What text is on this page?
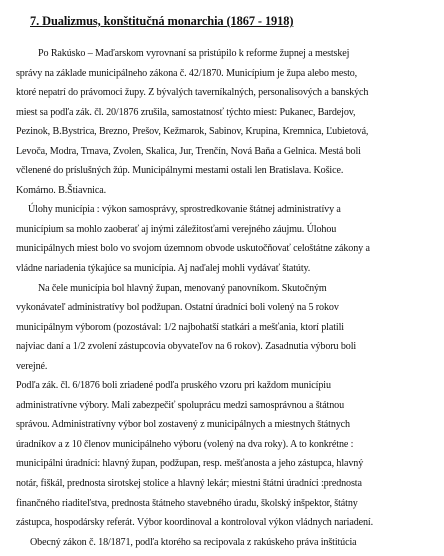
7. Dualizmus, konštitučná monarchia (1867 - 1918)
Po Rakúsko – Maďarskom vyrovnaní sa pristúpilo k reforme župnej a mestskej
správy na základe municipálneho zákona č. 42/1870. Municípium je župa alebo mesto,
ktoré nepatrí do právomoci župy. Z bývalých taverníkalných, personalisových a banských
miest sa podľa zák. čl. 20/1876 zrušila, samostatnosť týchto miest: Pukanec, Bardejov,
Pezinok, B.Bystrica, Brezno, Prešov, Kežmarok, Sabinov, Krupina, Kremnica, Ľubietová,
Levoča, Modra, Trnava, Zvolen, Skalica, Jur, Trenčín, Nová Baňa a Gelnica. Mestá boli
včlenené do príslušných žúp. Municipálnymi mestami ostali len Bratislava. Košice.
Komárno. B.Štiavnica.
Úlohy municípia : výkon samosprávy, sprostredkovanie štátnej administratívy a
municípium sa mohlo zaoberať aj inými záležitosťami verejného záujmu. Úlohou
municipálnych miest bolo vo svojom územnom obvode uskutočňovať celoštátne zákony a
vládne nariadenia týkajúce sa municípia. Aj naďalej mohli vydávať štatúty.
Na čele municípia bol hlavný župan, menovaný panovníkom. Skutočným
vykonávateľ administratívy bol podžupan. Ostatní úradníci boli volený na 5 rokov
municipálnym výborom (pozostával: 1/2 najbohatší statkári a mešťania, ktorí platili
najviac daní a 1/2 zvolení zástupcovia obyvateľov na 6 rokov). Zasadnutia výboru boli
verejné.
Podľa zák. čl. 6/1876 boli zriadené podľa pruského vzoru pri každom municípiu
administratívne výbory. Mali zabezpečiť spoluprácu medzi samosprávnou a štátnou
správou. Administratívny výbor bol zostavený z municipálnych a miestnych štátnych
úradníkov a z 10 členov municipálneho výboru (volený na dva roky). A to konkrétne :
municipálni úradníci: hlavný župan, podžupan, resp. mešťanosta a jeho zástupca, hlavný
notár, fiškál, prednosta sirotskej stolice a hlavný lekár; miestni štátni úradníci :prednosta
finančného riaditeľstva, prednosta štátneho stavebného úradu, školský inšpektor, štátny
zástupca, hospodársky referát. Výbor koordinoval a kontroloval výkon vládnych nariadení.
Obecný zákon č. 18/1871, podľa ktorého sa recipovala z rakúskeho práva inštitúcia
